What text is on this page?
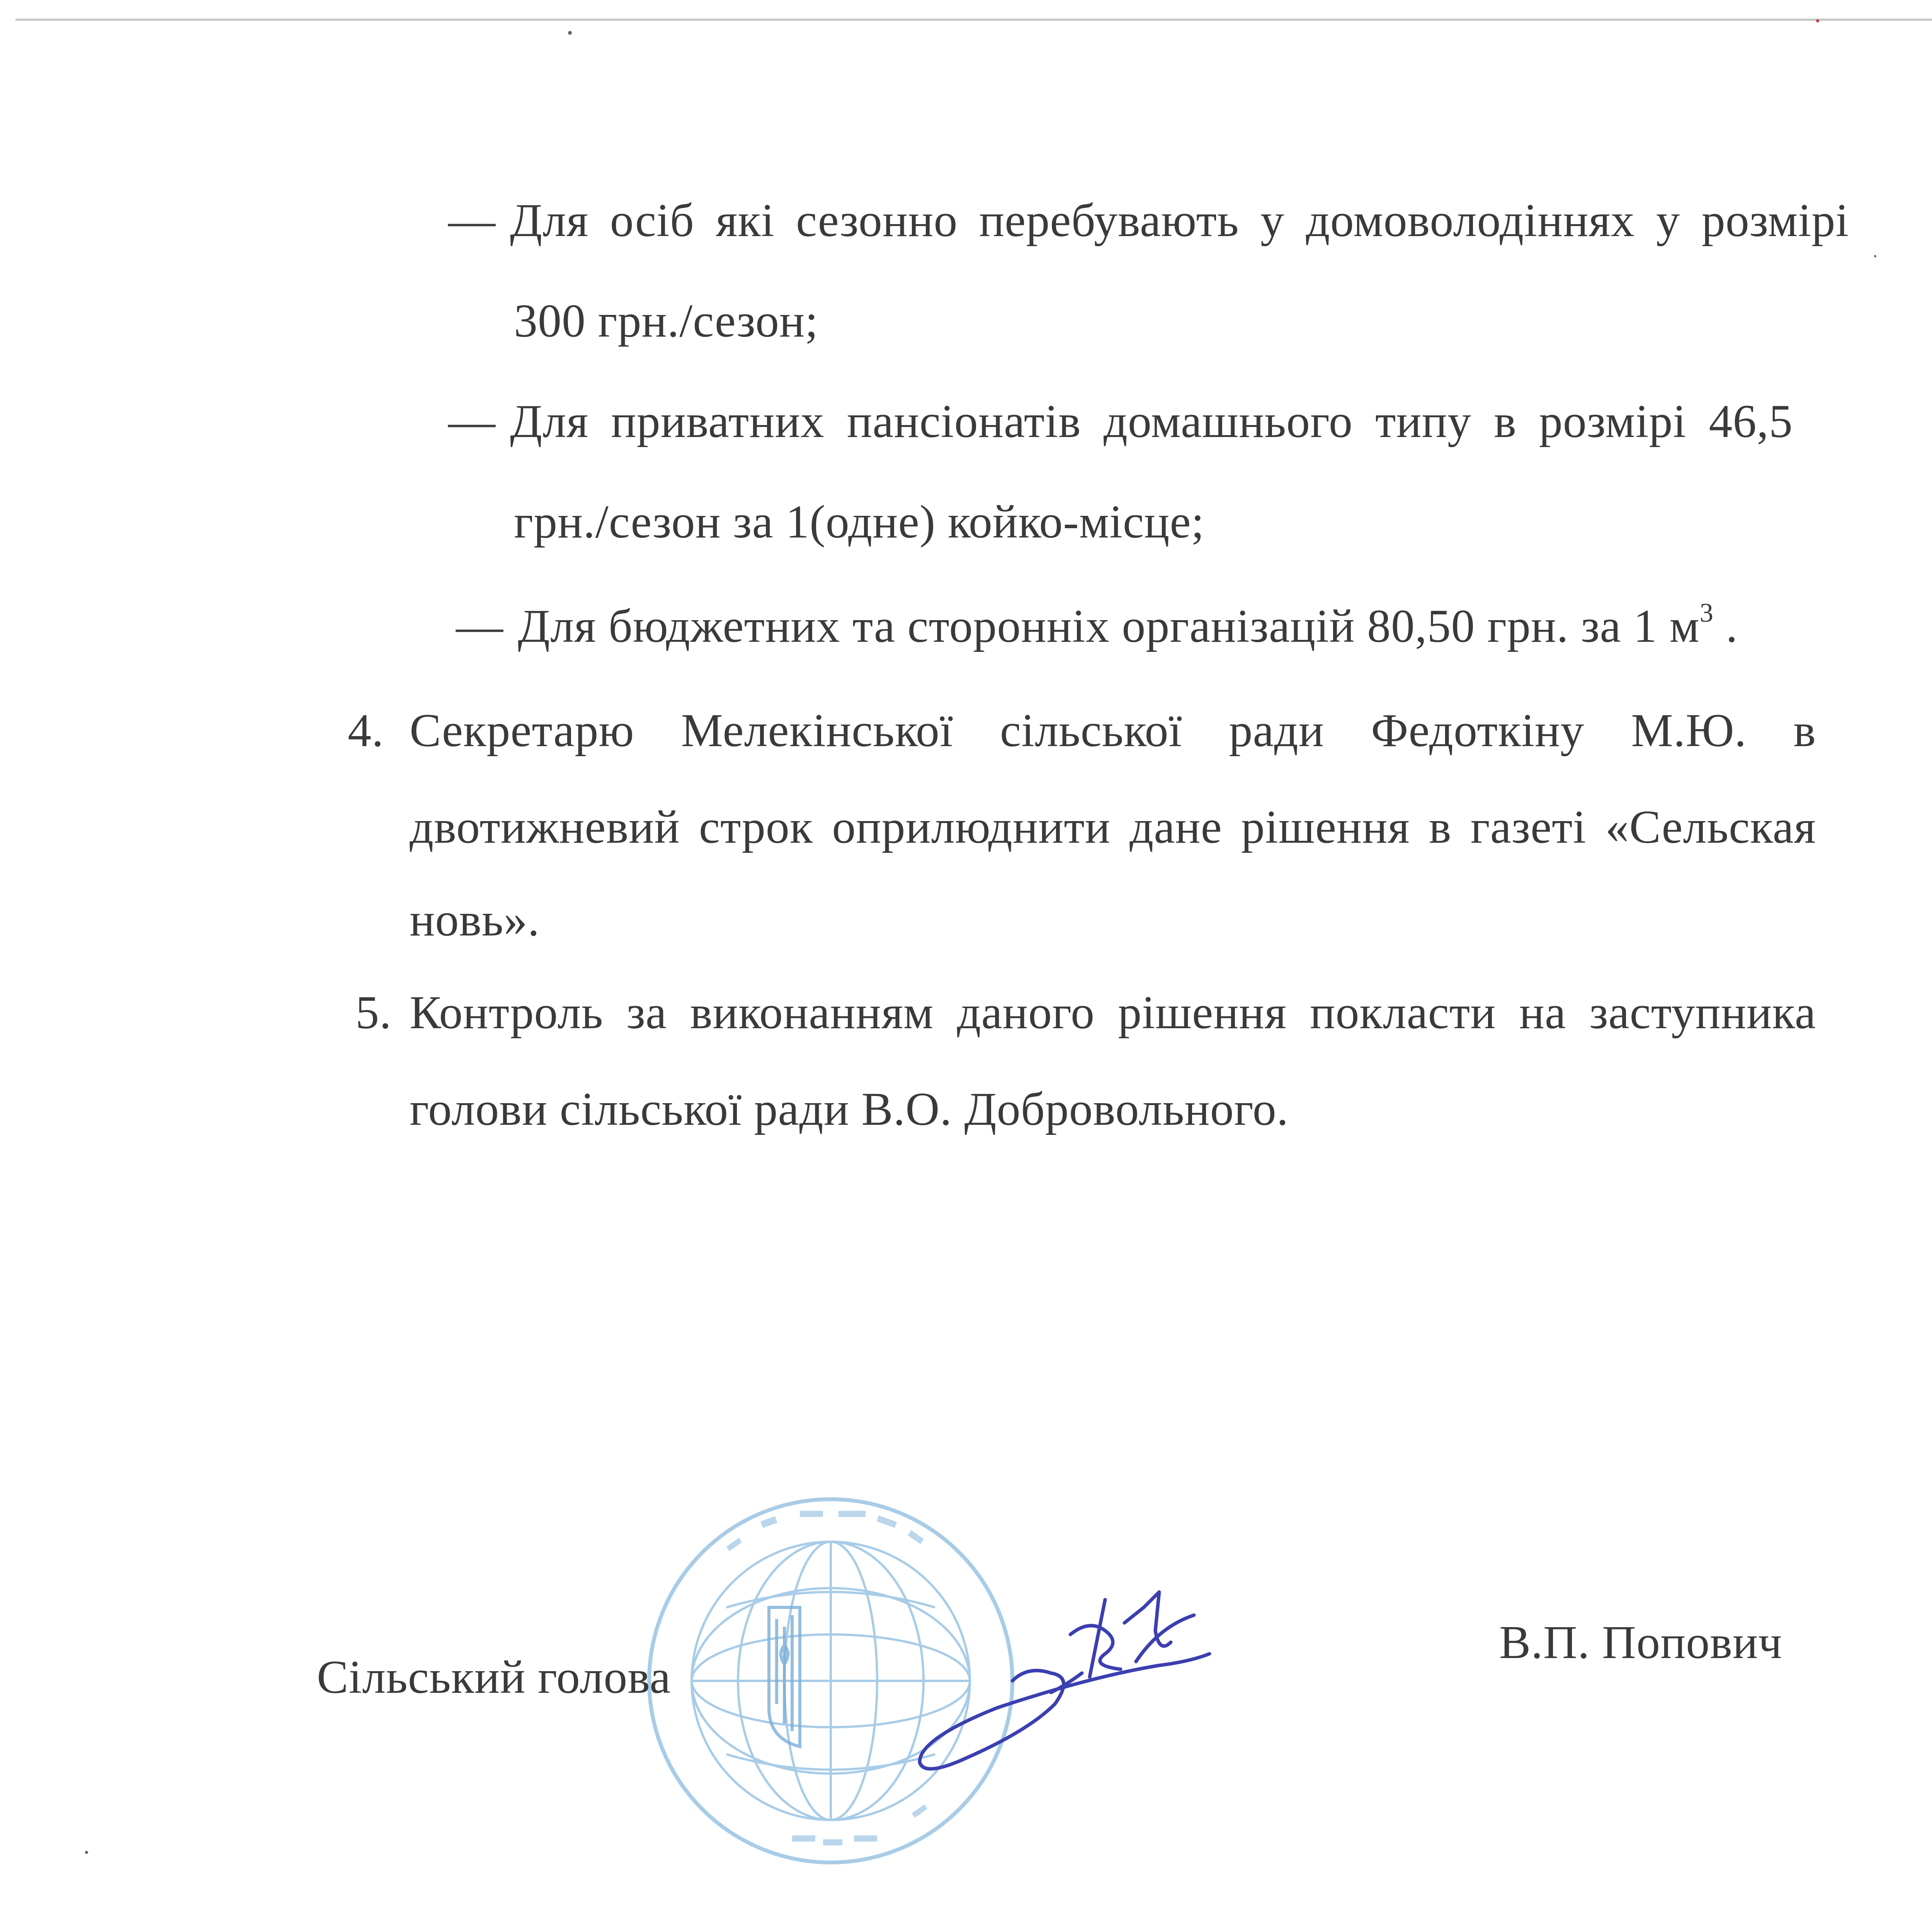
— Для осіб які сезонно перебувають у домоволодіннях у розмірі
300 грн./сезон;
— Для приватних пансіонатів домашнього типу в розмірі 46,5
грн./сезон за 1(одне) койко-місце;
— Для бюджетних та сторонніх організацій 80,50 грн. за 1 $м^3$ .
4. Секретарю Мелекінської сільської ради Федоткіну М.Ю. в
двотижневий строк оприлюднити дане рішення в газеті «Сельская
новь».
5. Контроль за виконанням даного рішення покласти на заступника
голови сільської ради В.О. Добровольного.
Сільський голова
В.П. Попович
